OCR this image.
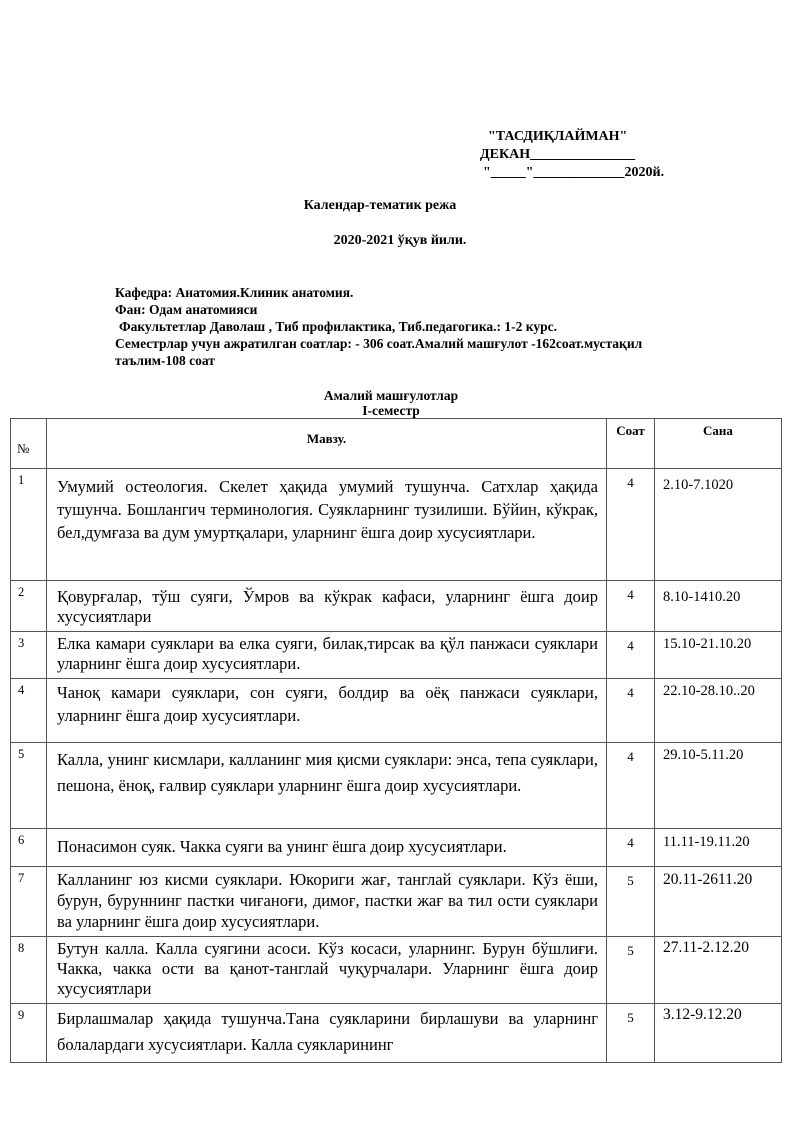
"ТАСДИҚЛАЙМАН"
ДЕКАН_______________
"_____"_____________2020й.
Календар-тематик режа
2020-2021 ўқув йили.
Кафедра: Анатомия.Клиник анатомия.
Фан: Одам анатомияси
Факультетлар Даволаш , Тиб профилактика, Тиб.педагогика.: 1-2 курс.
Семестрлар учун ажратилган соатлар: - 306 соат.Амалий машғулот -162соат.мустақил таълим-108 соат
Амалий машғулотлар
I-семестр
№	Мавзу.	Соат	Сана
1	Умумий остеология. Скелет ҳақида умумий тушунча. Сатхлар ҳақида тушунча. Бошлангич терминология. Суякларнинг тузилиши. Бўйин, кўкрак, бел,думғаза ва дум умуртқалари, уларнинг ёшга доир хусусиятлари.	4	2.10-7.1020
2	Қовурғалар, тўш суяги, Ўмров ва кўкрак кафаси, уларнинг ёшга доир хусусиятлари	4	8.10-1410.20
3	Елка камари суяклари ва елка суяги, билак,тирсак ва қўл панжаси суяклари уларнинг ёшга доир хусусиятлари.	4	15.10-21.10.20
4	Чаноқ камари суяклари, сон суяги, болдир ва оёқ панжаси суяклари, уларнинг ёшга доир хусусиятлари.	4	22.10-28.10..20
5	Калла, унинг кисмлари, калланинг мия қисми суяклари: энса, тепа суяклари, пешона, ёноқ, ғалвир суяклари уларнинг ёшга доир хусусиятлари.	4	29.10-5.11.20
6	Понасимон суяк. Чакка суяги ва унинг ёшга доир хусусиятлари.	4	11.11-19.11.20
7	Калланинг юз кисми суяклари. Юкориги жағ, танглай суяклари. Кўз ёши, бурун, буруннинг пастки чиғаноғи, димоғ, пастки жағ ва тил ости суяклари ва уларнинг ёшга доир хусусиятлари.	5	20.11-2611.20
8	Бутун калла. Калла суягини асоси. Кўз косаси, уларнинг. Бурун бўшлиғи. Чакка, чакка ости ва қанот-танглай чуқурчалари. Уларнинг ёшга доир хусусиятлари	5	27.11-2.12.20
9	Бирлашмалар ҳақида тушунча.Тана суякларини бирлашуви ва уларнинг болалардаги хусусиятлари. Калла суякларининг	5	3.12-9.12.20
